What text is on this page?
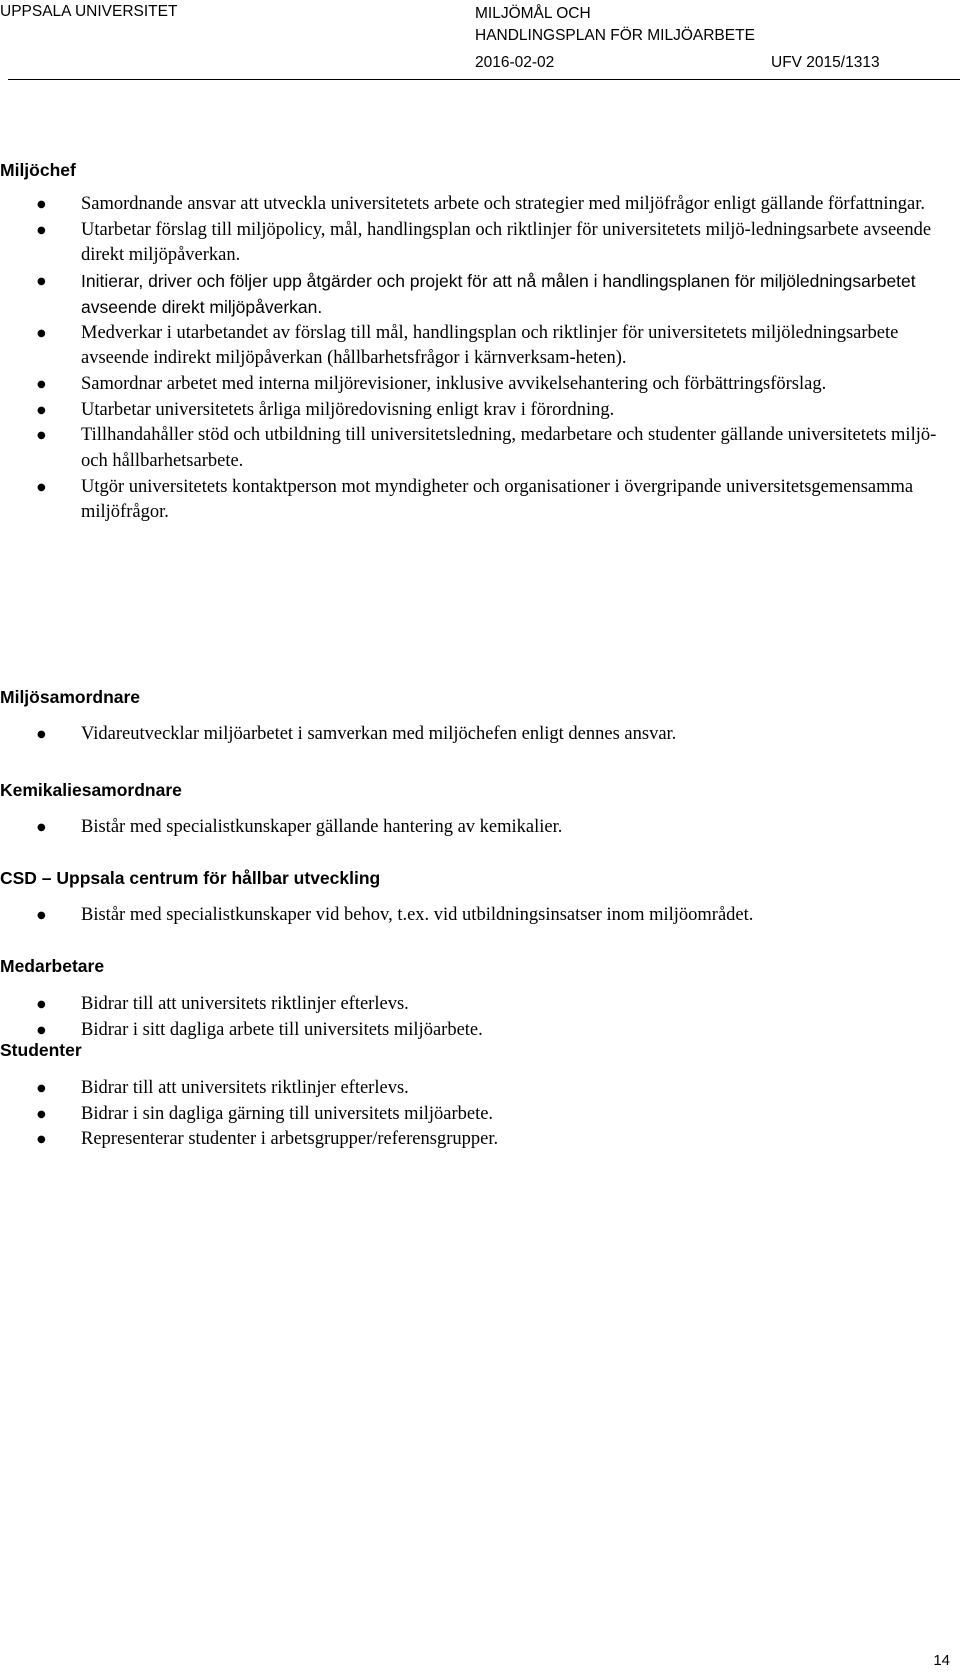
UPPSALA UNIVERSITET	MILJÖMÅL OCH
HANDLINGSPLAN FÖR MILJÖARBETE
2016-02-02	UFV 2015/1313
Miljöchef
● Samordnande ansvar att utveckla universitetets arbete och strategier med miljöfrågor enligt gällande författningar.
● Utarbetar förslag till miljöpolicy, mål, handlingsplan och riktlinjer för universitetets miljö-ledningsarbete avseende direkt miljöpåverkan.
● Initierar, driver och följer upp åtgärder och projekt för att nå målen i handlingsplanen för miljöledningsarbetet avseende direkt miljöpåverkan.
● Medverkar i utarbetandet av förslag till mål, handlingsplan och riktlinjer för universitetets miljöledningsarbete avseende indirekt miljöpåverkan (hållbarhetsfrågor i kärnverksam-heten).
● Samordnar arbetet med interna miljörevisioner, inklusive avvikelsehantering och förbättringsförslag.
● Utarbetar universitetets årliga miljöredovisning enligt krav i förordning.
● Tillhandahåller stöd och utbildning till universitetsledning, medarbetare och studenter gällande universitetets miljö- och hållbarhetsarbete.
● Utgör universitetets kontaktperson mot myndigheter och organisationer i övergripande universitetsgemensamma miljöfrågor.
Miljösamordnare
● Vidareutvecklar miljöarbetet i samverkan med miljöchefen enligt dennes ansvar.
Kemikaliesamordnare
● Bistår med specialistkunskaper gällande hantering av kemikalier.
CSD – Uppsala centrum för hållbar utveckling
● Bistår med specialistkunskaper vid behov, t.ex. vid utbildningsinsatser inom miljöområdet.
Medarbetare
● Bidrar till att universitets riktlinjer efterlevs.
● Bidrar i sitt dagliga arbete till universitets miljöarbete.
Studenter
● Bidrar till att universitets riktlinjer efterlevs.
● Bidrar i sin dagliga gärning till universitets miljöarbete.
● Representerar studenter i arbetsgrupper/referensgrupper.
14
